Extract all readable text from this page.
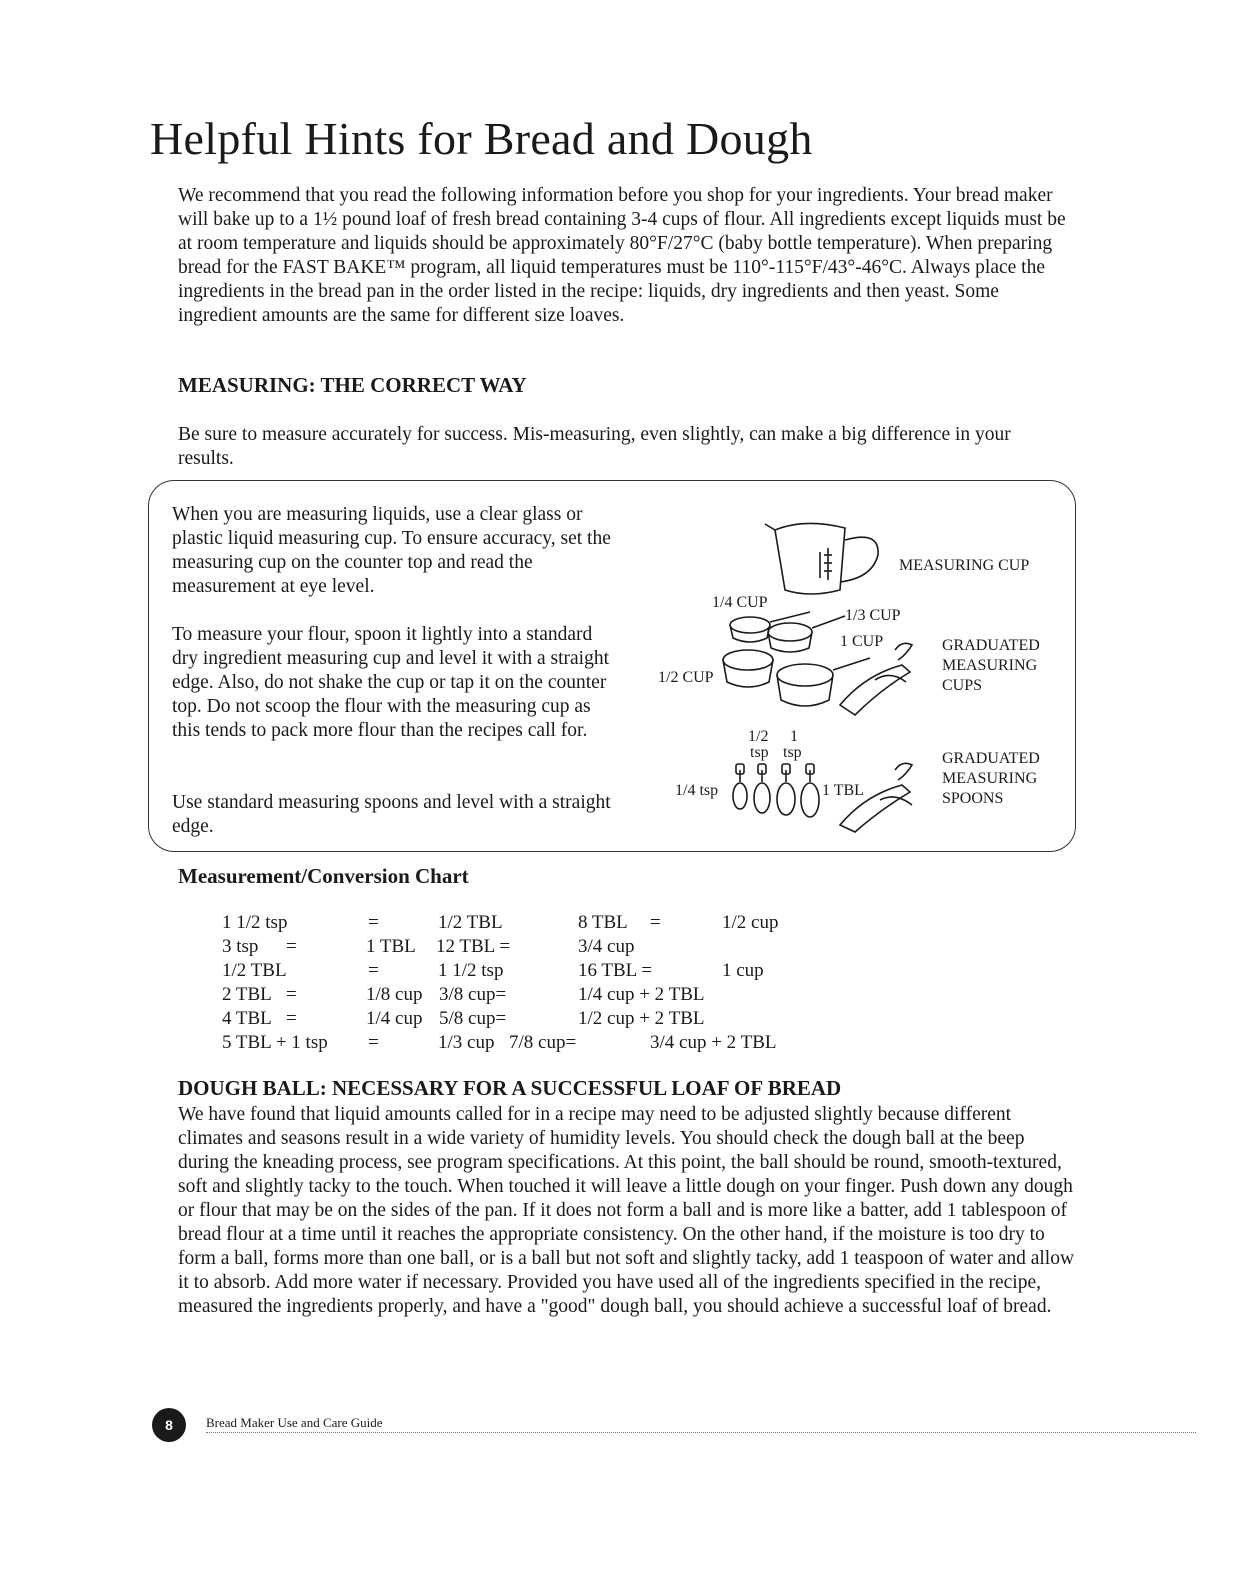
Helpful Hints for Bread and Dough
We recommend that you read the following information before you shop for your ingredients. Your bread maker will bake up to a 1½ pound loaf of fresh bread containing 3-4 cups of flour. All ingredients except liquids must be at room temperature and liquids should be approximately 80°F/27°C (baby bottle temperature). When preparing bread for the FAST BAKE™ program, all liquid temperatures must be 110°-115°F/43°-46°C. Always place the ingredients in the bread pan in the order listed in the recipe: liquids, dry ingredients and then yeast. Some ingredient amounts are the same for different size loaves.
MEASURING: THE CORRECT WAY
Be sure to measure accurately for success. Mis-measuring, even slightly, can make a big difference in your results.
When you are measuring liquids, use a clear glass or plastic liquid measuring cup. To ensure accuracy, set the measuring cup on the counter top and read the measurement at eye level.
To measure your flour, spoon it lightly into a standard dry ingredient measuring cup and level it with a straight edge. Also, do not shake the cup or tap it on the counter top. Do not scoop the flour with the measuring cup as this tends to pack more flour than the recipes call for.
Use standard measuring spoons and level with a straight edge.
MEASURING CUP
1/4 CUP
1/3 CUP
1 CUP
1/2 CUP
GRADUATED
MEASURING
CUPS
1/2
tsp
1
tsp
1/4 tsp	1 TBL
GRADUATED
MEASURING
SPOONS
Measurement/Conversion Chart
1 1/2 tsp	=	1/2 TBL	8 TBL =	1/2 cup
3 tsp =	1 TBL 12 TBL =	3/4 cup
1/2 TBL	=	1 1/2 tsp	16 TBL =	1 cup
2 TBL =	1/8 cup 3/8 cup=	1/4 cup + 2 TBL
4 TBL =	1/4 cup 5/8 cup=	1/2 cup + 2 TBL
5 TBL + 1 tsp =	1/3 cup 7/8 cup=	3/4 cup + 2 TBL
DOUGH BALL: NECESSARY FOR A SUCCESSFUL LOAF OF BREAD
We have found that liquid amounts called for in a recipe may need to be adjusted slightly because different climates and seasons result in a wide variety of humidity levels. You should check the dough ball at the beep during the kneading process, see program specifications. At this point, the ball should be round, smooth-textured, soft and slightly tacky to the touch. When touched it will leave a little dough on your finger. Push down any dough or flour that may be on the sides of the pan. If it does not form a ball and is more like a batter, add 1 tablespoon of bread flour at a time until it reaches the appropriate consistency. On the other hand, if the moisture is too dry to form a ball, forms more than one ball, or is a ball but not soft and slightly tacky, add 1 teaspoon of water and allow it to absorb. Add more water if necessary. Provided you have used all of the ingredients specified in the recipe, measured the ingredients properly, and have a "good" dough ball, you should achieve a successful loaf of bread.
8	Bread Maker Use and Care Guide
